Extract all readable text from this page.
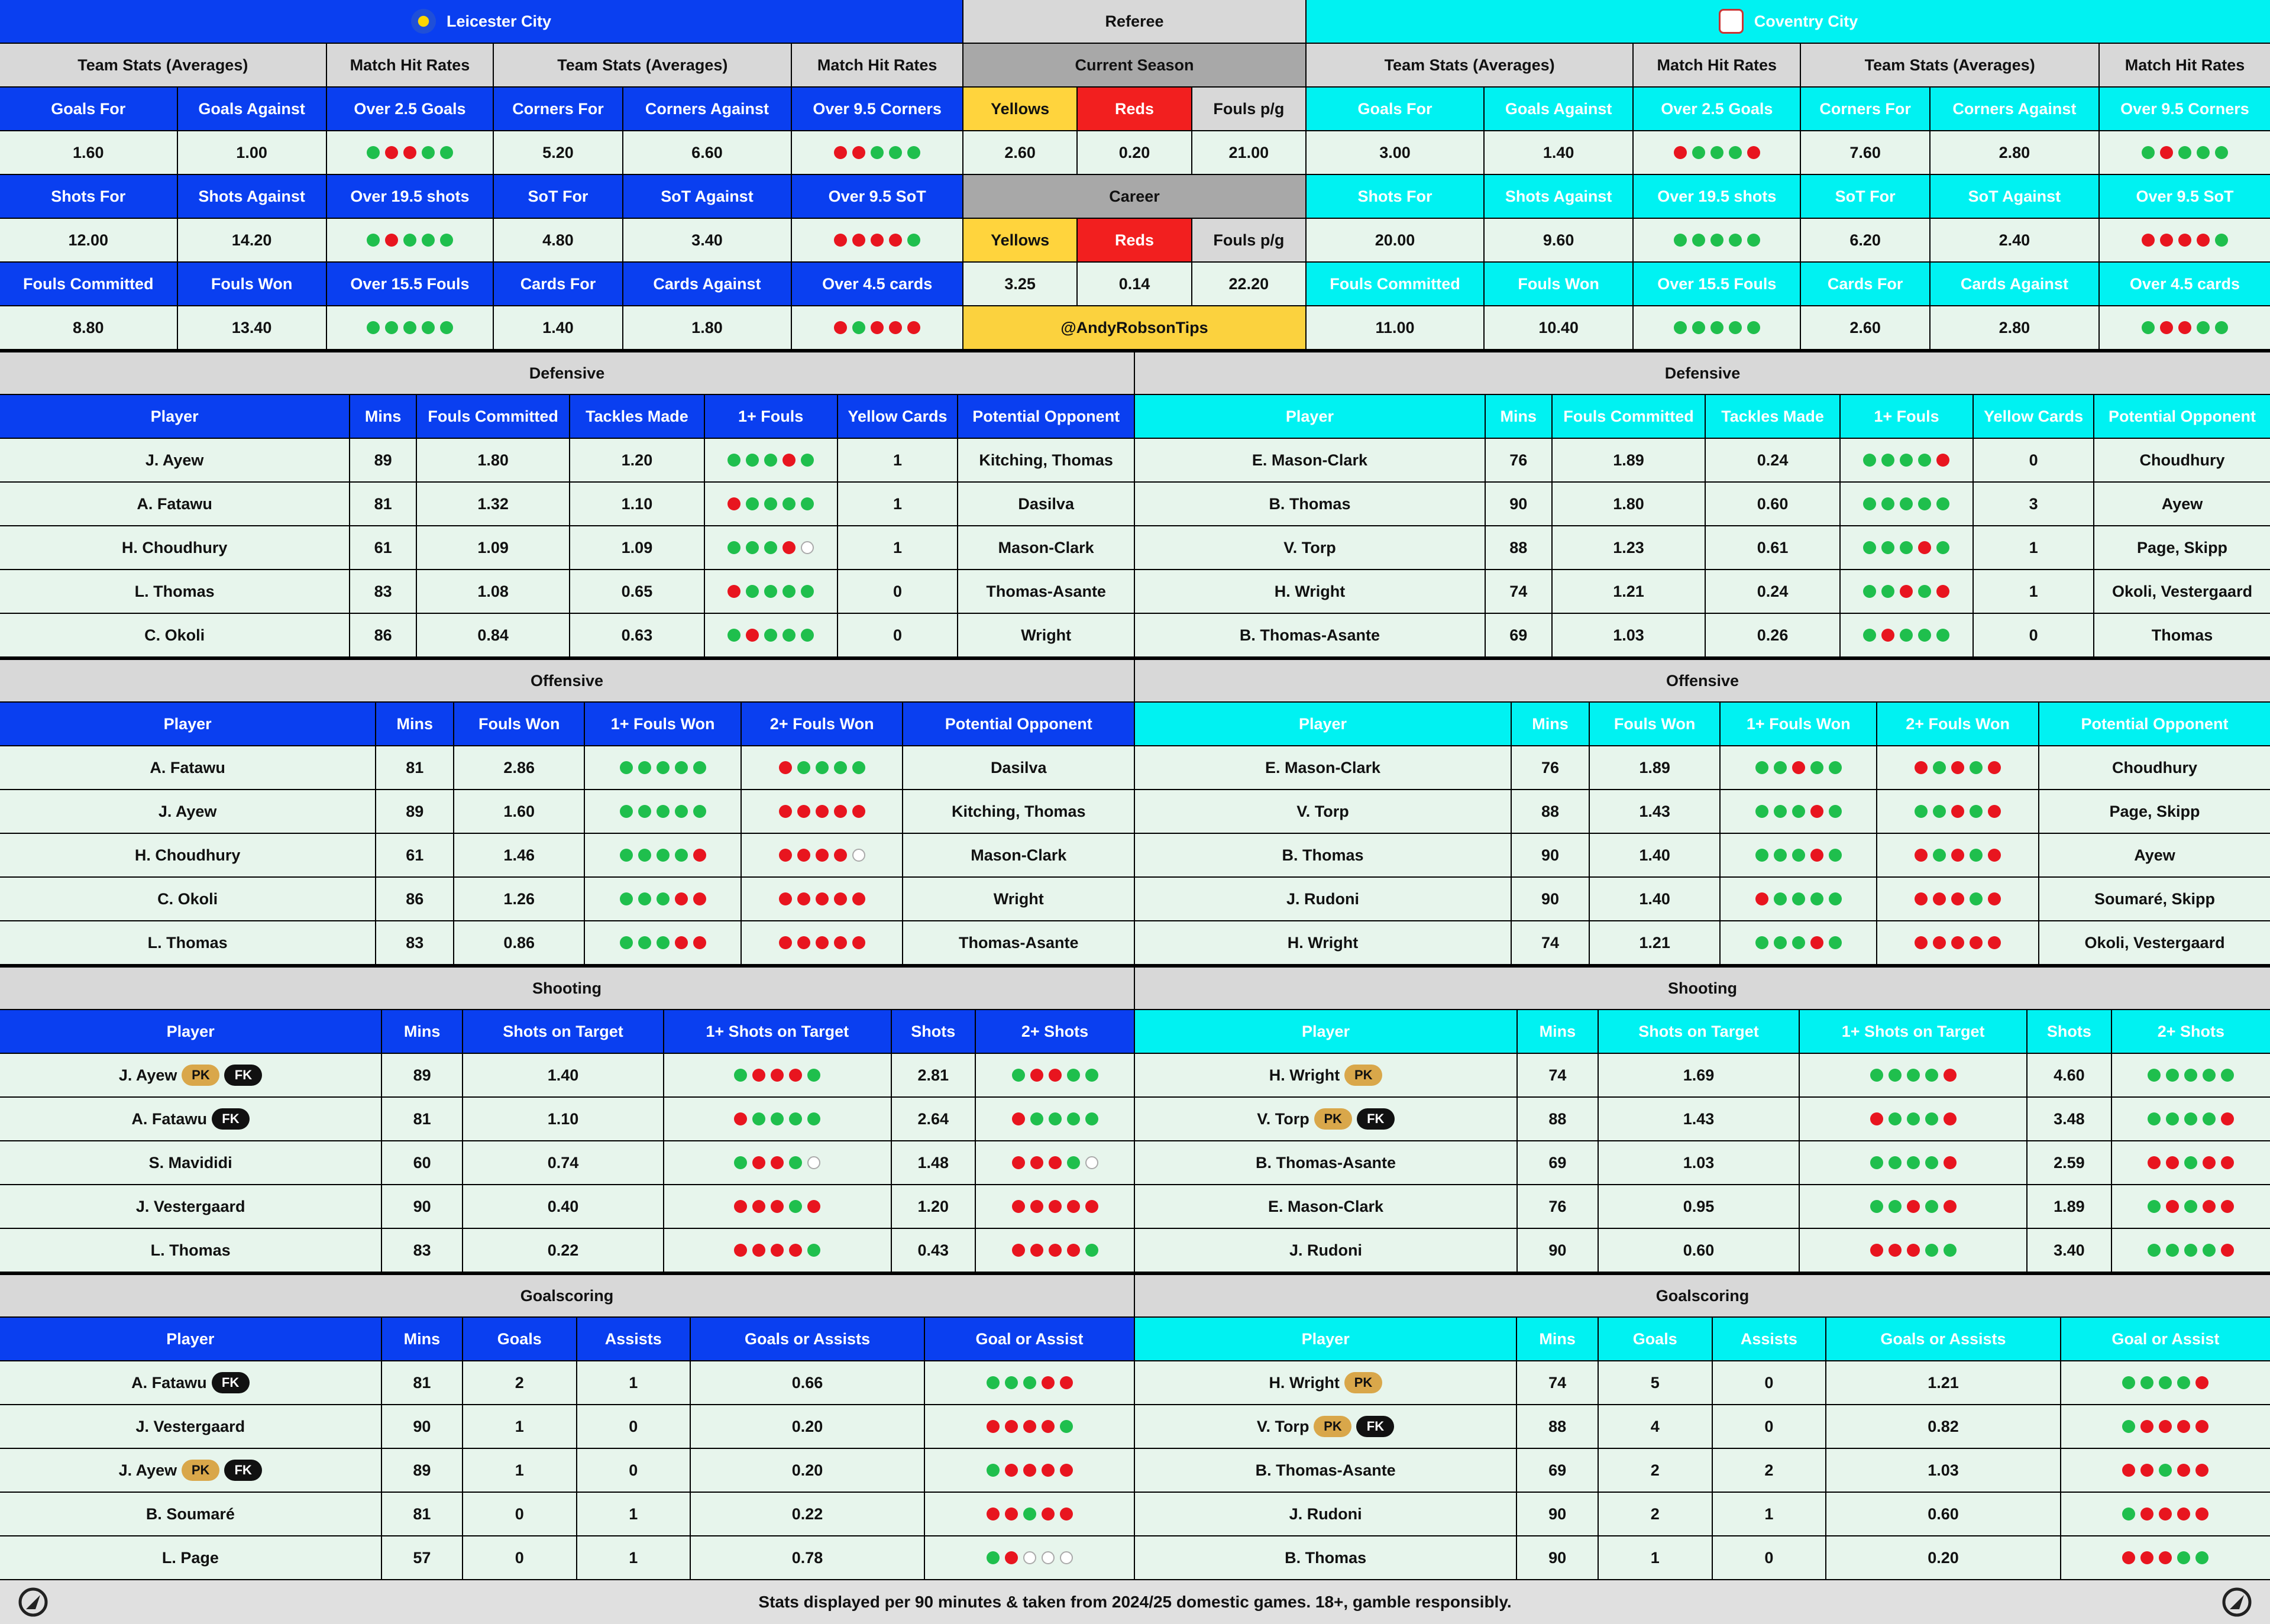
Leicester City
Team Stats (Averages)	Match Hit Rates	Team Stats (Averages)	Match Hit Rates
Goals For	Goals Against	Over 2.5 Goals	Corners For	Corners Against	Over 9.5 Corners
1.60	1.00	5.20	6.60
Shots For	Shots Against	Over 19.5 shots	SoT For	SoT Against	Over 9.5 SoT
12.00	14.20	4.80	3.40
Fouls Committed	Fouls Won	Over 15.5 Fouls	Cards For	Cards Against	Over 4.5 cards
8.80	13.40	1.40	1.80
Coventry City
Team Stats (Averages)	Match Hit Rates	Team Stats (Averages)	Match Hit Rates
Goals For	Goals Against	Over 2.5 Goals	Corners For	Corners Against	Over 9.5 Corners
3.00	1.40	7.60	2.80
Shots For	Shots Against	Over 19.5 shots	SoT For	SoT Against	Over 9.5 SoT
20.00	9.60	6.20	2.40
Fouls Committed	Fouls Won	Over 15.5 Fouls	Cards For	Cards Against	Over 4.5 cards
11.00	10.40	2.60	2.80
Referee
Current Season
Yellows	Reds	Fouls p/g
2.60	0.20	21.00
Career
Yellows	Reds	Fouls p/g
3.25	0.14	22.20
@AndyRobsonTips
Defensive
Player	Mins	Fouls Committed	Tackles Made	1+ Fouls	Yellow Cards	Potential Opponent
J. Ayew	89	1.80	1.20	1	Kitching, Thomas
A. Fatawu	81	1.32	1.10	1	Dasilva
H. Choudhury	61	1.09	1.09	1	Mason-Clark
L. Thomas	83	1.08	0.65	0	Thomas-Asante
C. Okoli	86	0.84	0.63	0	Wright
Defensive
Player	Mins	Fouls Committed	Tackles Made	1+ Fouls	Yellow Cards	Potential Opponent
E. Mason-Clark	76	1.89	0.24	0	Choudhury
B. Thomas	90	1.80	0.60	3	Ayew
V. Torp	88	1.23	0.61	1	Page, Skipp
H. Wright	74	1.21	0.24	1	Okoli, Vestergaard
B. Thomas-Asante	69	1.03	0.26	0	Thomas
Offensive
Player	Mins	Fouls Won	1+ Fouls Won	2+ Fouls Won	Potential Opponent
A. Fatawu	81	2.86	Dasilva
J. Ayew	89	1.60	Kitching, Thomas
H. Choudhury	61	1.46	Mason-Clark
C. Okoli	86	1.26	Wright
L. Thomas	83	0.86	Thomas-Asante
Offensive
Player	Mins	Fouls Won	1+ Fouls Won	2+ Fouls Won	Potential Opponent
E. Mason-Clark	76	1.89	Choudhury
V. Torp	88	1.43	Page, Skipp
B. Thomas	90	1.40	Ayew
J. Rudoni	90	1.40	Soumaré, Skipp
H. Wright	74	1.21	Okoli, Vestergaard
Shooting
Player	Mins	Shots on Target	1+ Shots on Target	Shots	2+ Shots
J. Ayew	PK	FK	89	1.40	2.81
A. Fatawu	FK	81	1.10	2.64
S. Mavididi	60	0.74	1.48
J. Vestergaard	90	0.40	1.20
L. Thomas	83	0.22	0.43
Shooting
Player	Mins	Shots on Target	1+ Shots on Target	Shots	2+ Shots
H. Wright	PK	74	1.69	4.60
V. Torp	PK	FK	88	1.43	3.48
B. Thomas-Asante	69	1.03	2.59
E. Mason-Clark	76	0.95	1.89
J. Rudoni	90	0.60	3.40
Goalscoring
Player	Mins	Goals	Assists	Goals or Assists	Goal or Assist
A. Fatawu	FK	81	2	1	0.66
J. Vestergaard	90	1	0	0.20
J. Ayew	PK	FK	89	1	0	0.20
B. Soumaré	81	0	1	0.22
L. Page	57	0	1	0.78
Goalscoring
Player	Mins	Goals	Assists	Goals or Assists	Goal or Assist
H. Wright	PK	74	5	0	1.21
V. Torp	PK	FK	88	4	0	0.82
B. Thomas-Asante	69	2	2	1.03
J. Rudoni	90	2	1	0.60
B. Thomas	90	1	0	0.20
Stats displayed per 90 minutes & taken from 2024/25 domestic games. 18+, gamble responsibly.
